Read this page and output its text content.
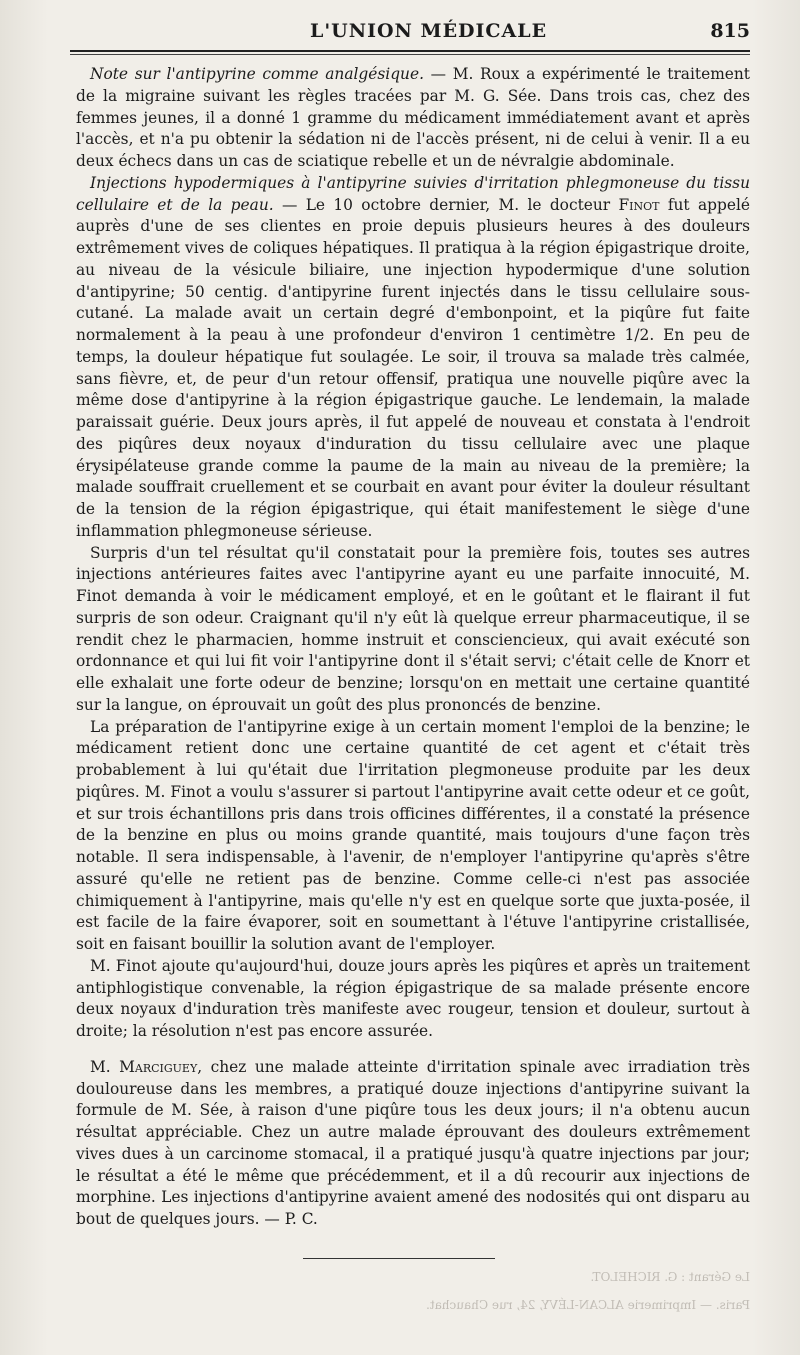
L'UNION MÉDICALE	815

Note sur l'antipyrine comme analgésique. — M. Roux a expérimenté le traitement de la migraine suivant les règles tracées par M. G. Sée. Dans trois cas, chez des femmes jeunes, il a donné 1 gramme du médicament immédiatement avant et après l'accès, et n'a pu obtenir la sédation ni de l'accès présent, ni de celui à venir. Il a eu deux échecs dans un cas de sciatique rebelle et un de névralgie abdominale.

Injections hypodermiques à l'antipyrine suivies d'irritation phlegmoneuse du tissu cellulaire et de la peau. — Le 10 octobre dernier, M. le docteur Finot fut appelé auprès d'une de ses clientes en proie depuis plusieurs heures à des douleurs extrêmement vives de coliques hépatiques. Il pratiqua à la région épigastrique droite, au niveau de la vésicule biliaire, une injection hypodermique d'une solution d'antipyrine; 50 centig. d'antipyrine furent injectés dans le tissu cellulaire sous-cutané. La malade avait un certain degré d'embonpoint, et la piqûre fut faite normalement à la peau à une profondeur d'environ 1 centimètre 1/2. En peu de temps, la douleur hépatique fut soulagée. Le soir, il trouva sa malade très calmée, sans fièvre, et, de peur d'un retour offensif, pratiqua une nouvelle piqûre avec la même dose d'antipyrine à la région épigastrique gauche. Le lendemain, la malade paraissait guérie. Deux jours après, il fut appelé de nouveau et constata à l'endroit des piqûres deux noyaux d'induration du tissu cellulaire avec une plaque érysipélateuse grande comme la paume de la main au niveau de la première; la malade souffrait cruellement et se courbait en avant pour éviter la douleur résultant de la tension de la région épigastrique, qui était manifestement le siège d'une inflammation phlegmoneuse sérieuse.

Surpris d'un tel résultat qu'il constatait pour la première fois, toutes ses autres injections antérieures faites avec l'antipyrine ayant eu une parfaite innocuité, M. Finot demanda à voir le médicament employé, et en le goûtant et le flairant il fut surpris de son odeur. Craignant qu'il n'y eût là quelque erreur pharmaceutique, il se rendit chez le pharmacien, homme instruit et consciencieux, qui avait exécuté son ordonnance et qui lui fit voir l'antipyrine dont il s'était servi; c'était celle de Knorr et elle exhalait une forte odeur de benzine; lorsqu'on en mettait une certaine quantité sur la langue, on éprouvait un goût des plus prononcés de benzine.

La préparation de l'antipyrine exige à un certain moment l'emploi de la benzine; le médicament retient donc une certaine quantité de cet agent et c'était très probablement à lui qu'était due l'irritation plegmoneuse produite par les deux piqûres. M. Finot a voulu s'assurer si partout l'antipyrine avait cette odeur et ce goût, et sur trois échantillons pris dans trois officines différentes, il a constaté la présence de la benzine en plus ou moins grande quantité, mais toujours d'une façon très notable. Il sera indispensable, à l'avenir, de n'employer l'antipyrine qu'après s'être assuré qu'elle ne retient pas de benzine. Comme celle-ci n'est pas associée chimiquement à l'antipyrine, mais qu'elle n'y est en quelque sorte que juxta-posée, il est facile de la faire évaporer, soit en soumettant à l'étuve l'antipyrine cristallisée, soit en faisant bouillir la solution avant de l'employer.

M. Finot ajoute qu'aujourd'hui, douze jours après les piqûres et après un traitement antiphlogistique convenable, la région épigastrique de sa malade présente encore deux noyaux d'induration très manifeste avec rougeur, tension et douleur, surtout à droite; la résolution n'est pas encore assurée.

M. Marciguey, chez une malade atteinte d'irritation spinale avec irradiation très douloureuse dans les membres, a pratiqué douze injections d'antipyrine suivant la formule de M. Sée, à raison d'une piqûre tous les deux jours; il n'a obtenu aucun résultat appréciable. Chez un autre malade éprouvant des douleurs extrêmement vives dues à un carcinome stomacal, il a pratiqué jusqu'à quatre injections par jour; le résultat a été le même que précédemment, et il a dû recourir aux injections de morphine. Les injections d'antipyrine avaient amené des nodosités qui ont disparu au bout de quelques jours. — P. C.

Le Gérant : G. RICHELOT.
Paris. — Imprimerie ALCAN-LÉVY, 24, rue Chauchat.
